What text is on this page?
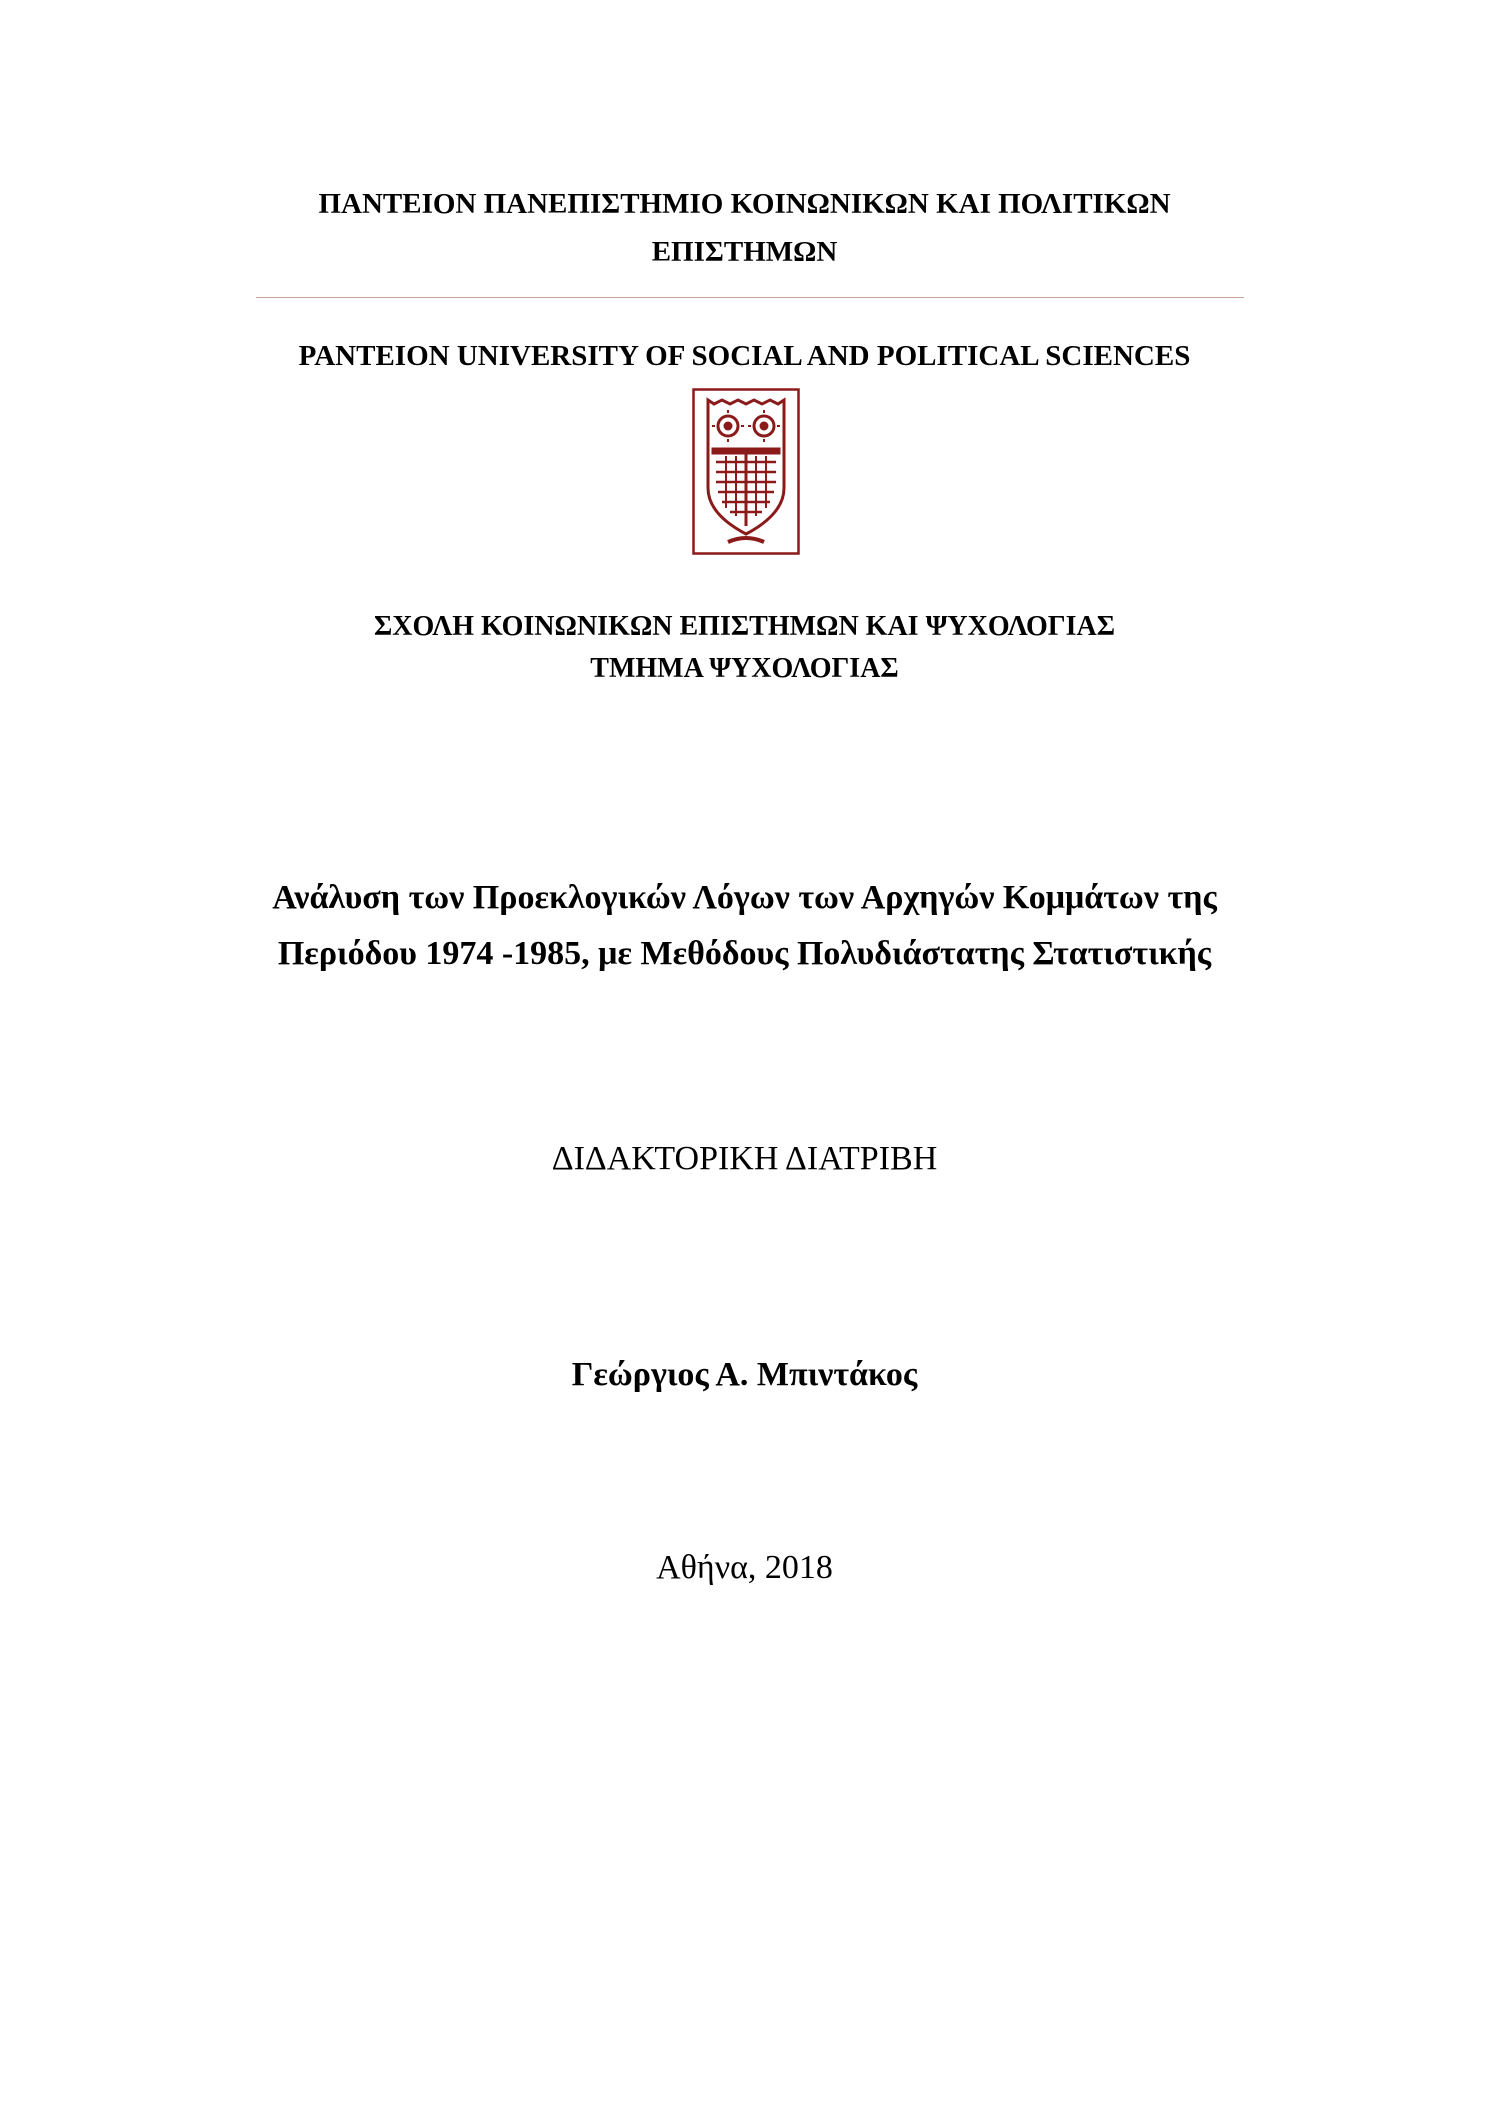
ΠΑΝΤΕΙΟΝ ΠΑΝΕΠΙΣΤΗΜΙΟ ΚΟΙΝΩΝΙΚΩΝ ΚΑΙ ΠΟΛΙΤΙΚΩΝ
ΕΠΙΣΤΗΜΩΝ
PANTEION UNIVERSITY OF SOCIAL AND POLITICAL SCIENCES
ΣΧΟΛΗ ΚΟΙΝΩΝΙΚΩΝ ΕΠΙΣΤΗΜΩΝ ΚΑΙ ΨΥΧΟΛΟΓΙΑΣ
ΤΜΗΜΑ ΨΥΧΟΛΟΓΙΑΣ
Ανάλυση των Προεκλογικών Λόγων των Αρχηγών Κομμάτων της
Περιόδου 1974 -1985, με Μεθόδους Πολυδιάστατης Στατιστικής
ΔΙΔΑΚΤΟΡΙΚΗ ΔΙΑΤΡΙΒΗ
Γεώργιος Α. Μπιντάκος
Αθήνα, 2018
